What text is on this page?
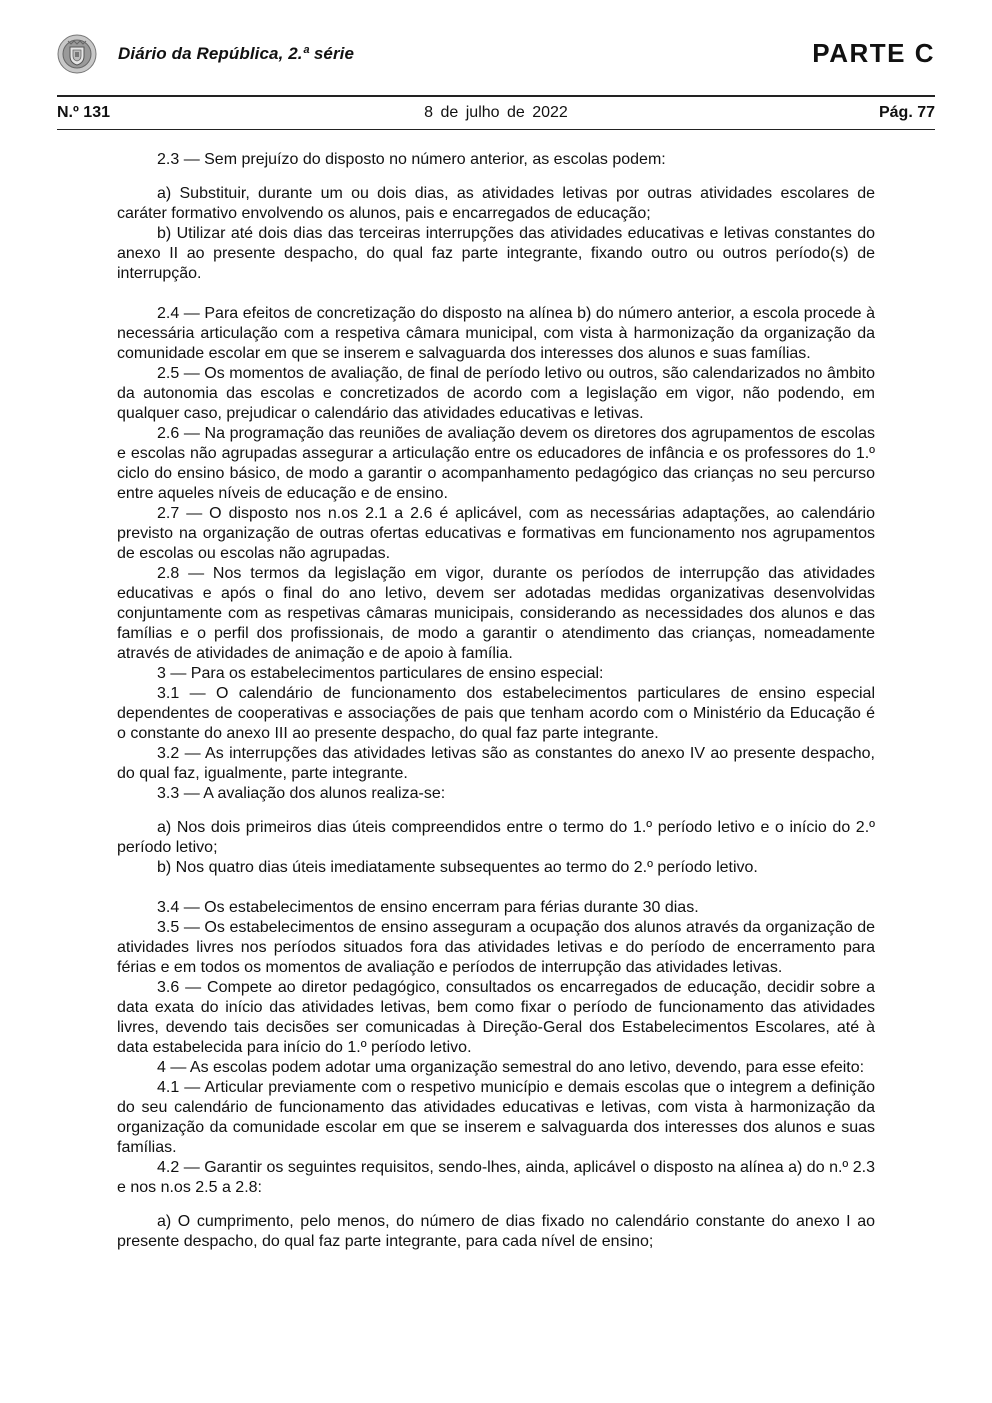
Diário da República, 2.ª série	PARTE C
N.º 131	8 de julho de 2022	Pág. 77

2.3 — Sem prejuízo do disposto no número anterior, as escolas podem:

a) Substituir, durante um ou dois dias, as atividades letivas por outras atividades escolares de caráter formativo envolvendo os alunos, pais e encarregados de educação;

b) Utilizar até dois dias das terceiras interrupções das atividades educativas e letivas constantes do anexo II ao presente despacho, do qual faz parte integrante, fixando outro ou outros período(s) de interrupção.

2.4 — Para efeitos de concretização do disposto na alínea b) do número anterior, a escola procede à necessária articulação com a respetiva câmara municipal, com vista à harmonização da organização da comunidade escolar em que se inserem e salvaguarda dos interesses dos alunos e suas famílias.

2.5 — Os momentos de avaliação, de final de período letivo ou outros, são calendarizados no âmbito da autonomia das escolas e concretizados de acordo com a legislação em vigor, não podendo, em qualquer caso, prejudicar o calendário das atividades educativas e letivas.

2.6 — Na programação das reuniões de avaliação devem os diretores dos agrupamentos de escolas e escolas não agrupadas assegurar a articulação entre os educadores de infância e os professores do 1.º ciclo do ensino básico, de modo a garantir o acompanhamento pedagógico das crianças no seu percurso entre aqueles níveis de educação e de ensino.

2.7 — O disposto nos n.os 2.1 a 2.6 é aplicável, com as necessárias adaptações, ao calendário previsto na organização de outras ofertas educativas e formativas em funcionamento nos agrupamentos de escolas ou escolas não agrupadas.

2.8 — Nos termos da legislação em vigor, durante os períodos de interrupção das atividades educativas e após o final do ano letivo, devem ser adotadas medidas organizativas desenvolvidas conjuntamente com as respetivas câmaras municipais, considerando as necessidades dos alunos e das famílias e o perfil dos profissionais, de modo a garantir o atendimento das crianças, nomeadamente através de atividades de animação e de apoio à família.

3 — Para os estabelecimentos particulares de ensino especial:

3.1 — O calendário de funcionamento dos estabelecimentos particulares de ensino especial dependentes de cooperativas e associações de pais que tenham acordo com o Ministério da Educação é o constante do anexo III ao presente despacho, do qual faz parte integrante.

3.2 — As interrupções das atividades letivas são as constantes do anexo IV ao presente despacho, do qual faz, igualmente, parte integrante.

3.3 — A avaliação dos alunos realiza-se:

a) Nos dois primeiros dias úteis compreendidos entre o termo do 1.º período letivo e o início do 2.º período letivo;

b) Nos quatro dias úteis imediatamente subsequentes ao termo do 2.º período letivo.

3.4 — Os estabelecimentos de ensino encerram para férias durante 30 dias.

3.5 — Os estabelecimentos de ensino asseguram a ocupação dos alunos através da organização de atividades livres nos períodos situados fora das atividades letivas e do período de encerramento para férias e em todos os momentos de avaliação e períodos de interrupção das atividades letivas.

3.6 — Compete ao diretor pedagógico, consultados os encarregados de educação, decidir sobre a data exata do início das atividades letivas, bem como fixar o período de funcionamento das atividades livres, devendo tais decisões ser comunicadas à Direção-Geral dos Estabelecimentos Escolares, até à data estabelecida para início do 1.º período letivo.

4 — As escolas podem adotar uma organização semestral do ano letivo, devendo, para esse efeito:

4.1 — Articular previamente com o respetivo município e demais escolas que o integrem a definição do seu calendário de funcionamento das atividades educativas e letivas, com vista à harmonização da organização da comunidade escolar em que se inserem e salvaguarda dos interesses dos alunos e suas famílias.

4.2 — Garantir os seguintes requisitos, sendo-lhes, ainda, aplicável o disposto na alínea a) do n.º 2.3 e nos n.os 2.5 a 2.8:

a) O cumprimento, pelo menos, do número de dias fixado no calendário constante do anexo I ao presente despacho, do qual faz parte integrante, para cada nível de ensino;
